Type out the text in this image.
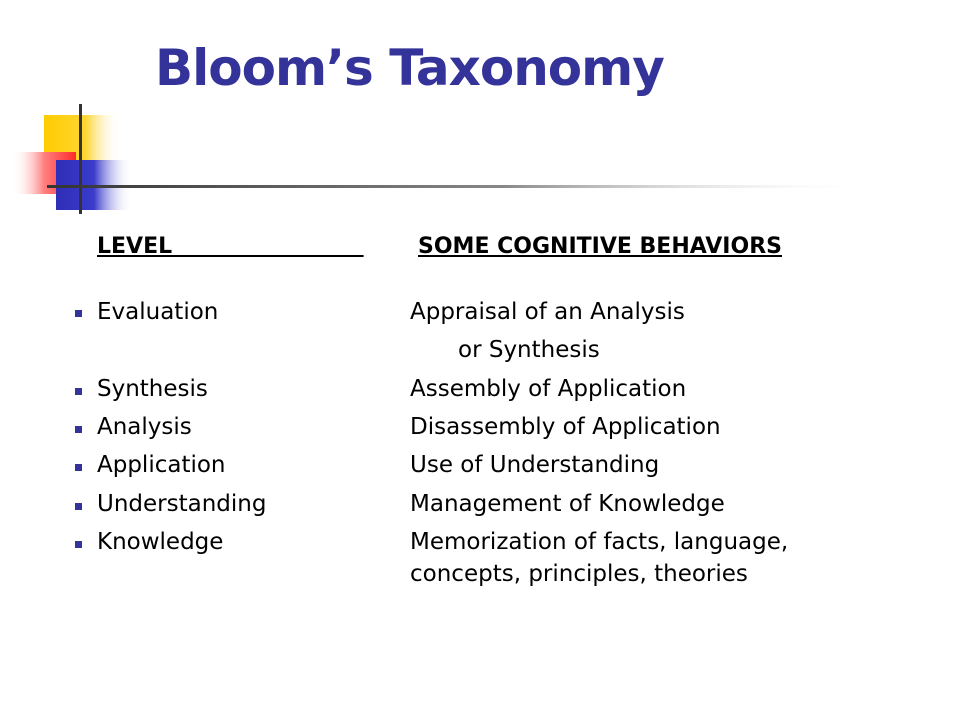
Bloom’s Taxonomy
LEVEL SOME COGNITIVE BEHAVIORS
Evaluation	Appraisal of an Analysis
or Synthesis
Synthesis	Assembly of Application
Analysis	Disassembly of Application
Application	Use of Understanding
Understanding	Management of Knowledge
Knowledge	Memorization of facts, language,
concepts, principles, theories
